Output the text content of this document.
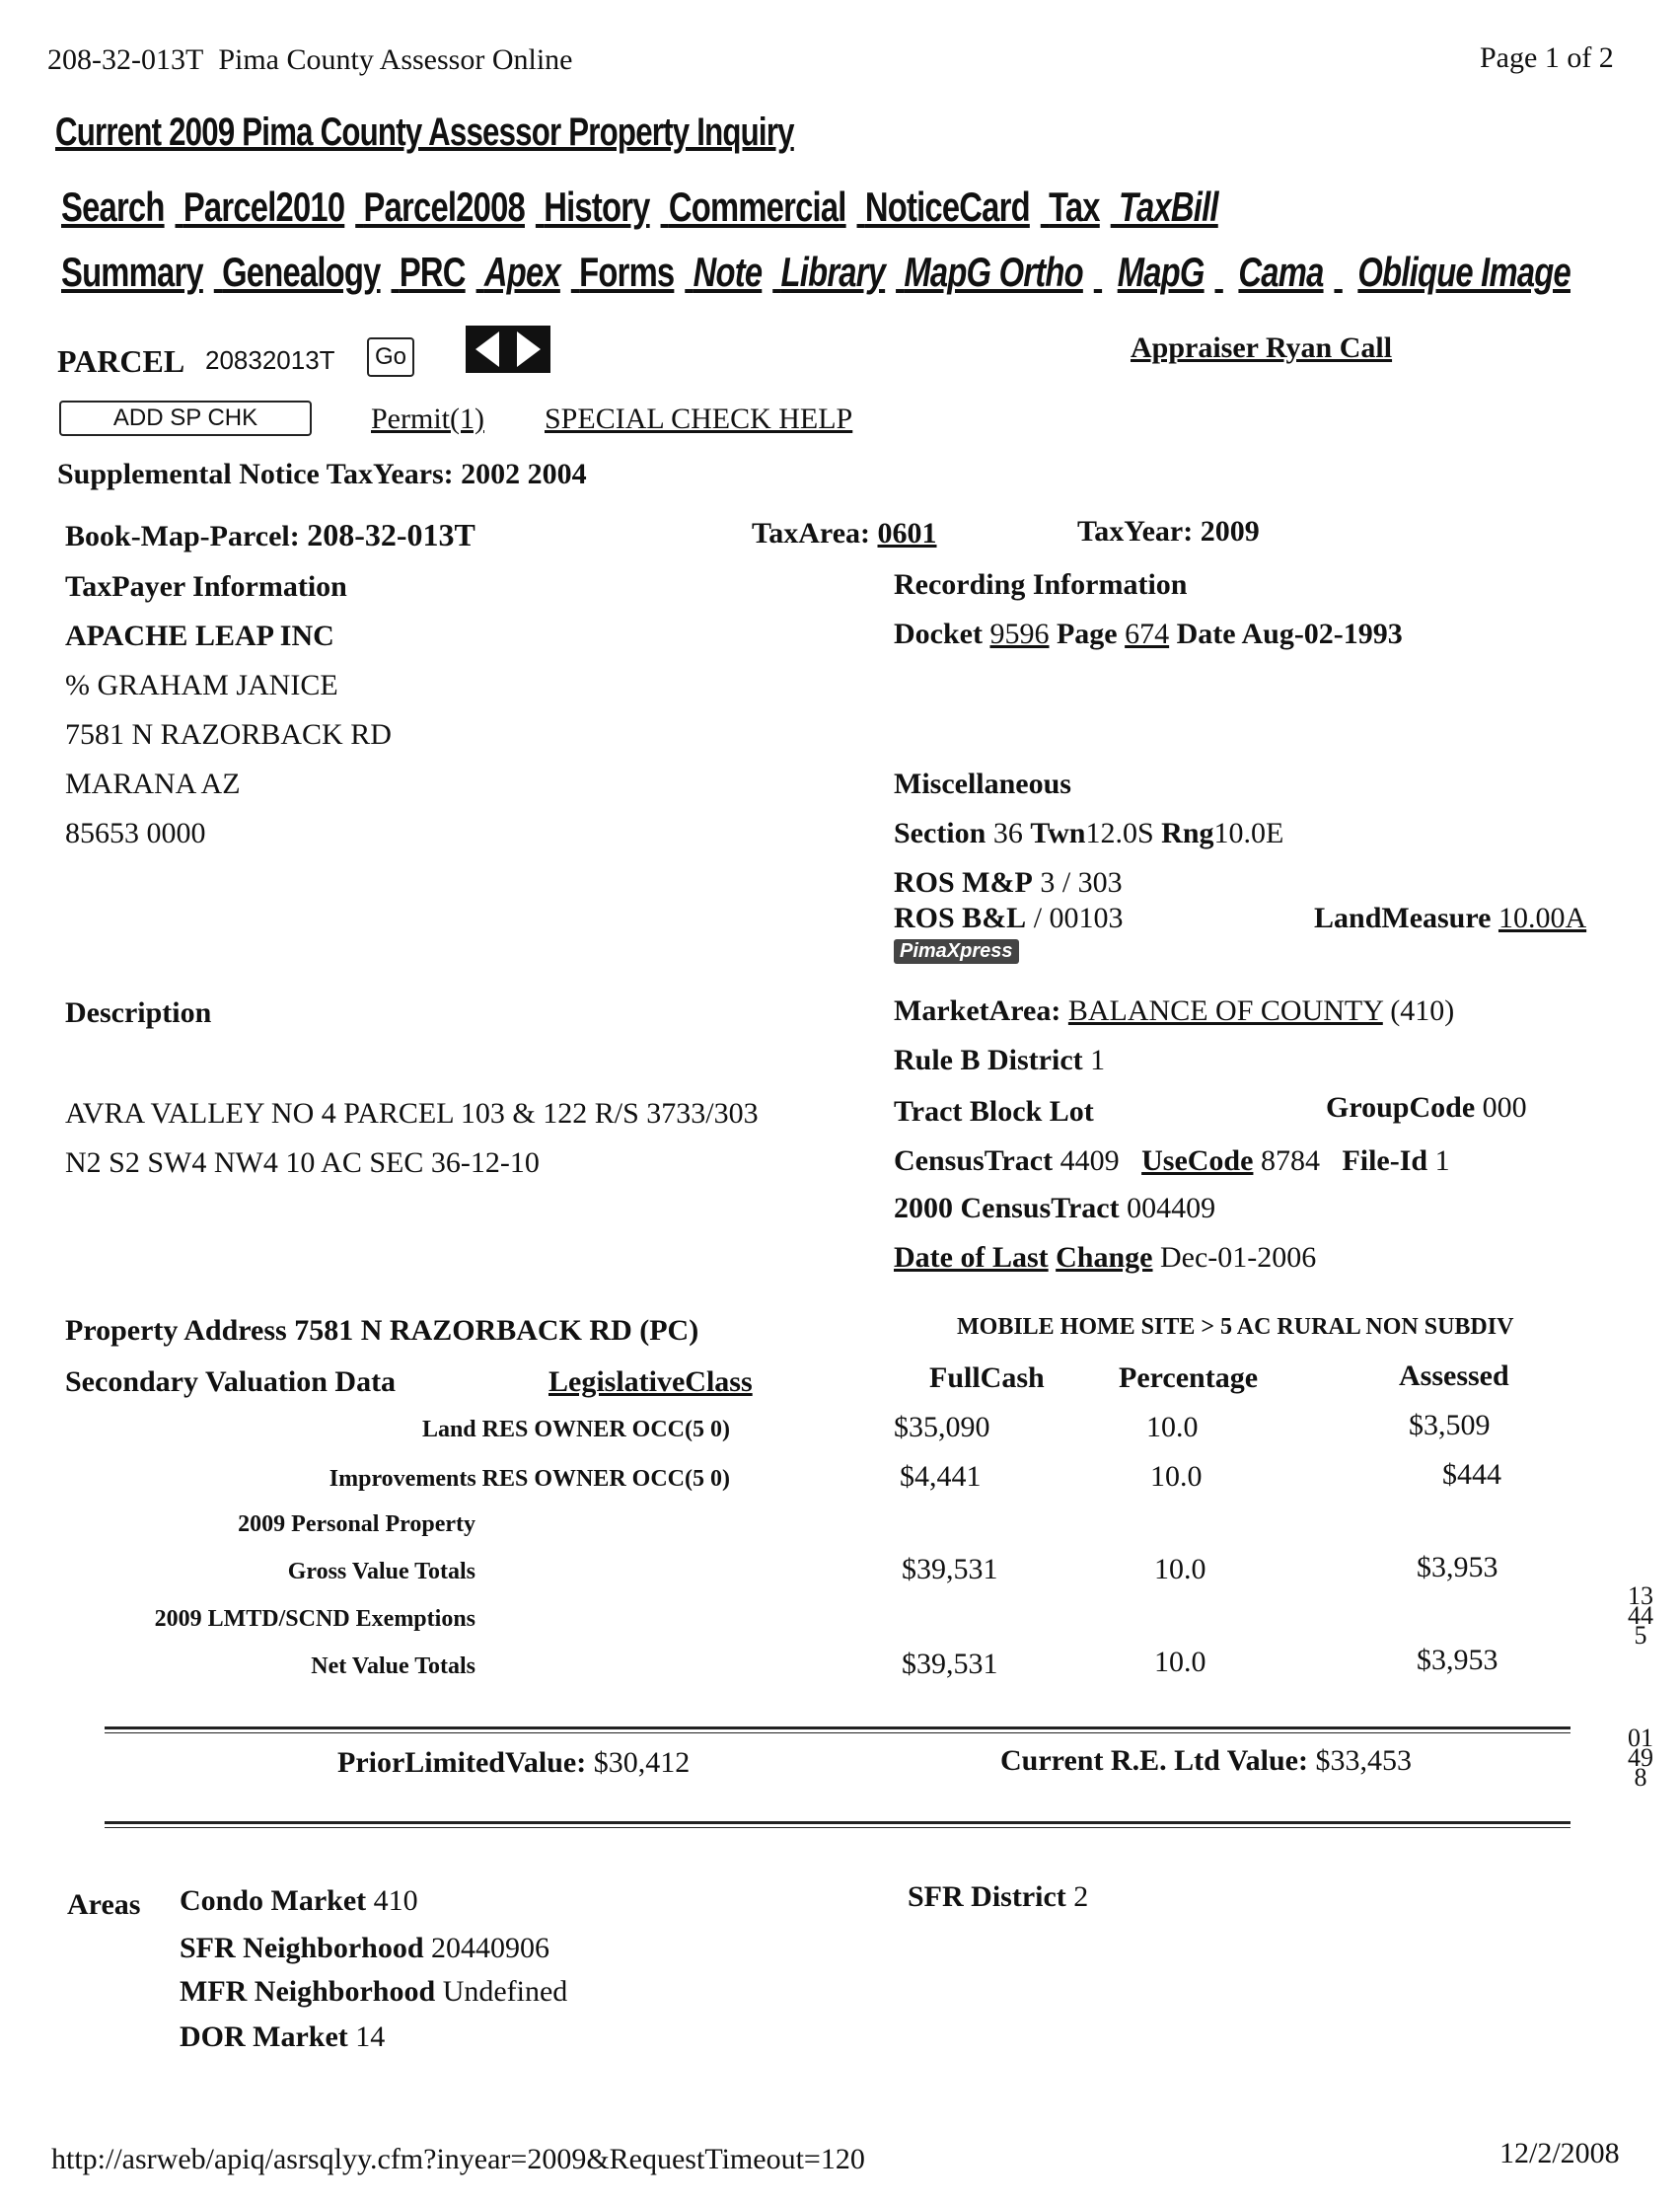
208-32-013T Pima County Assessor Online	Page 1 of 2
Current 2009 Pima County Assessor Property Inquiry
Search Parcel2010 Parcel2008 History Commercial NoticeCard Tax TaxBill
Summary Genealogy PRC Apex Forms Note Library MapG Ortho MapG Cama Oblique Image
PARCEL 20832013T	Go	Appraiser Ryan Call
ADD SP CHK	Permit(1) SPECIAL CHECK HELP
Supplemental Notice TaxYears: 2002 2004
Book-Map-Parcel: 208-32-013T	TaxArea: 0601	TaxYear: 2009
TaxPayer Information
APACHE LEAP INC
% GRAHAM JANICE
7581 N RAZORBACK RD
MARANA AZ
85653 0000
Recording Information
Docket 9596 Page 674 Date Aug-02-1993
Miscellaneous
Section 36 Twn12.0S Rng10.0E
ROS M&P 3 / 303
ROS B&L / 00103	LandMeasure 10.00A
PimaXpress
Description
AVRA VALLEY NO 4 PARCEL 103 & 122 R/S 3733/303
N2 S2 SW4 NW4 10 AC SEC 36-12-10
MarketArea: BALANCE OF COUNTY (410)
Rule B District 1
Tract Block Lot	GroupCode 000
CensusTract 4409 UseCode 8784 File-Id 1
2000 CensusTract 004409
Date of Last Change Dec-01-2006
Property Address 7581 N RAZORBACK RD (PC)	MOBILE HOME SITE > 5 AC RURAL NON SUBDIV
Secondary Valuation Data	LegislativeClass	FullCash	Percentage	Assessed
Land RES OWNER OCC(5 0)	$35,090	10.0	$3,509
Improvements RES OWNER OCC(5 0)	$4,441	10.0	$444
2009 Personal Property
Gross Value Totals	$39,531	10.0	$3,953
2009 LMTD/SCND Exemptions
Net Value Totals	$39,531	10.0	$3,953
PriorLimitedValue: $30,412	Current R.E. Ltd Value: $33,453
Areas Condo Market 410
SFR Neighborhood 20440906
MFR Neighborhood Undefined
DOR Market 14
SFR District 2
http://asrweb/apiq/asrsqlyy.cfm?inyear=2009&RequestTimeout=120	12/2/2008
13445
01498
